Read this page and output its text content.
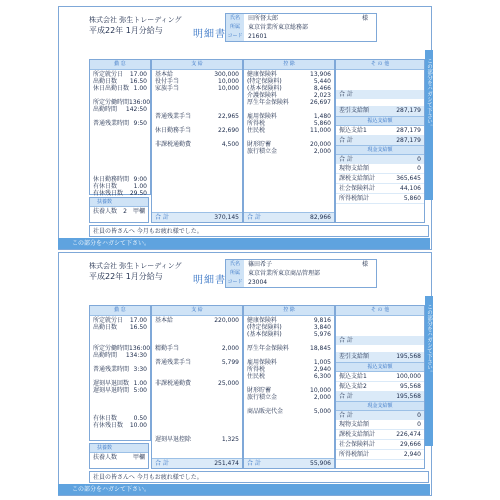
株式会社 弥生トレーディング
平成22年 1月分給与	明細書
氏名	田所督太郎	様
所属	東京営業所東京総務部
コード 21601
勤 怠
所定就労日 17.00
出勤日数 16.50
休日出勤日数 1.00
所定労働時間 136:00
出勤時間 142:50
普通残業時間 9:50
休日勤務時間 9:00
有休日数	1.00
有休残日数 29.50
扶養数
扶養人数 2 甲欄
支 給
基本給	300,000
役付手当	10,000
家族手当	10,000
普通残業手当	22,965
休日勤務手当	22,690
非課税通勤費	4,500
合 計	370,145
控 除
健康保険料	13,906
(特定保険料)	5,440
(基本保険料)	8,466
介護保険料	2,023
厚生年金保険料	26,697
雇用保険料	1,480
所得税	5,860
住民税	11,000
財形貯蓄	20,000
旅行積立金	2,000
合 計	82,966
そ の 他
合 計
差引支給額	287,179
振込支給額
振込支給1	287,179
合 計	287,179
現金支給額
合 計	0
現物支給額	0
課税支給額計	365,645
社会保険料計	44,106
所得税額計	5,860
社員の皆さんへ 今月もお疲れ様でした。
この部分をハガシて下さい。
この部分をハガシて下さい。
株式会社 弥生トレーディング
平成22年 1月分給与	明細書
氏名	篠田希子	様
所属	東京営業所東京商品管理部
コード 23004
勤 怠
所定就労日 17.00
出勤日数 16.50
所定労働時間 136:00
出勤時間 134:30
普通残業時間 3:30
遅刻早退回数 1.00
遅刻早退時間 5:00
有休日数	0.50
有休残日数 10.00
扶養数
扶養人数	甲欄
支 給
基本給	220,000
精勤手当	2,000
普通残業手当	5,799
非課税通勤費	25,000
遅刻早退控除	1,325
合 計	251,474
控 除
健康保険料	9,816
(特定保険料)	3,840
(基本保険料)	5,976
厚生年金保険料	18,845
雇用保険料	1,005
所得税	2,940
住民税	6,300
財形貯蓄	10,000
旅行積立金	2,000
商品販売代金	5,000
合 計	55,906
そ の 他
合 計
差引支給額	195,568
振込支給額
振込支給1	100,000
振込支給2	95,568
合 計	195,568
現金支給額
合 計	0
現物支給額	0
課税支給額計	226,474
社会保険料計	29,666
所得税額計	2,940
社員の皆さんへ 今月もお疲れ様でした。
この部分をハガシて下さい。
この部分をハガシて下さい。
